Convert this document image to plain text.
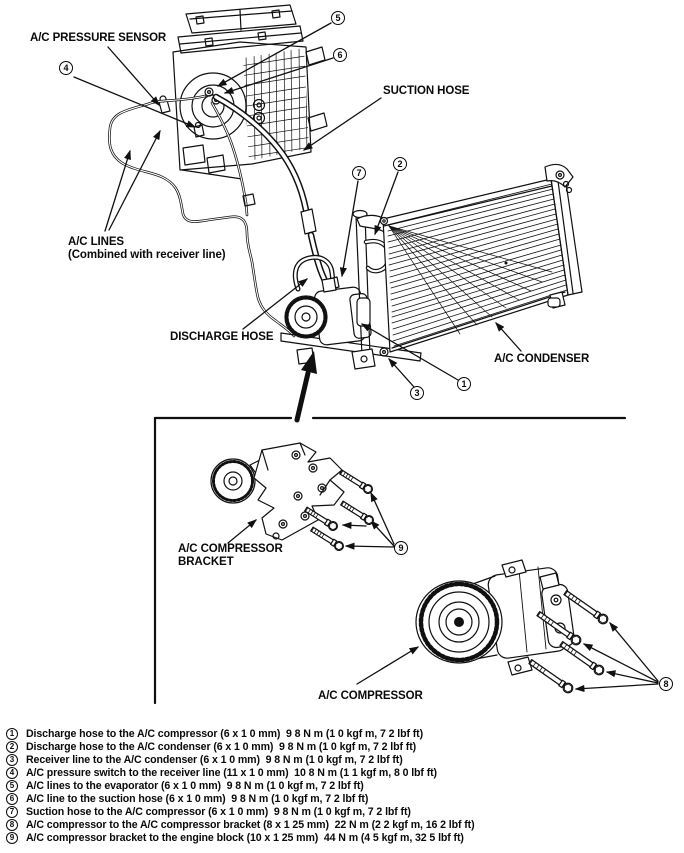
A/C PRESSURE SENSOR
SUCTION HOSE
A/C LINES
(Combined with receiver line)
DISCHARGE HOSE
A/C CONDENSER
A/C COMPRESSOR
BRACKET
A/C COMPRESSOR
4
5
6
7
2
3
1
9
8
1	Discharge hose to the A/C compressor (6 x 1 0 mm)  9 8 N m (1 0 kgf m, 7 2 lbf ft)
2	Discharge hose to the A/C condenser (6 x 1 0 mm)  9 8 N m (1 0 kgf m, 7 2 lbf ft)
3	Receiver line to the A/C condenser (6 x 1 0 mm)  9 8 N m (1 0 kgf m, 7 2 lbf ft)
4	A/C pressure switch to the receiver line (11 x 1 0 mm)  10 8 N m (1 1 kgf m, 8 0 lbf ft)
5	A/C lines to the evaporator (6 x 1 0 mm)  9 8 N m (1 0 kgf m, 7 2 lbf ft)
6	A/C line to the suction hose (6 x 1 0 mm)  9 8 N m (1 0 kgf m, 7 2 lbf ft)
7	Suction hose to the A/C compressor (6 x 1 0 mm)  9 8 N m (1 0 kgf m, 7 2 lbf ft)
8	A/C compressor to the A/C compressor bracket (8 x 1 25 mm)  22 N m (2 2 kgf m, 16 2 lbf ft)
9	A/C compressor bracket to the engine block (10 x 1 25 mm)  44 N m (4 5 kgf m, 32 5 lbf ft)
